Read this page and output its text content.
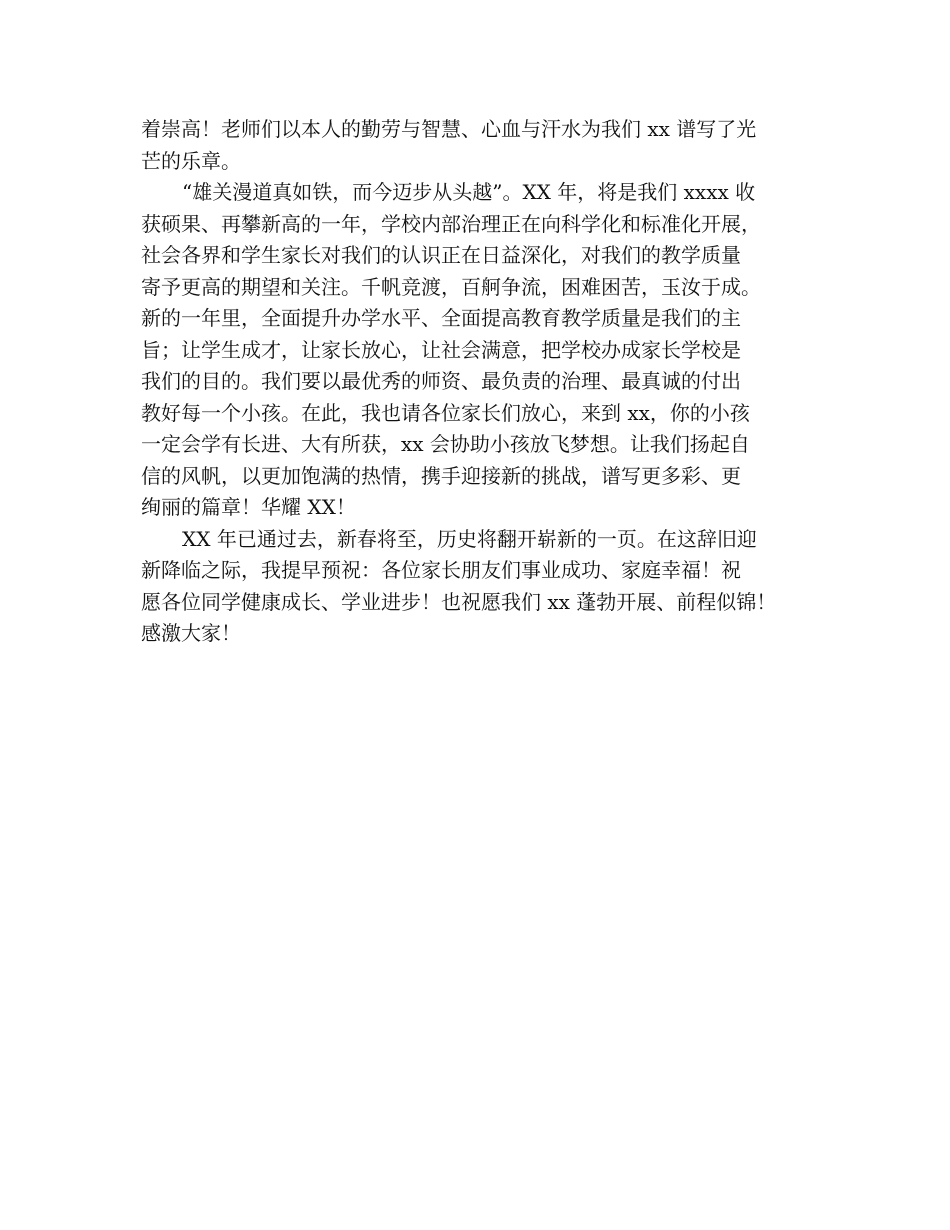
着崇高！老师们以本人的勤劳与智慧、心血与汗水为我们 xx 谱写了光

芒的乐章。

“雄关漫道真如铁，而今迈步从头越”。XX 年，将是我们 xxxx 收

获硕果、再攀新高的一年，学校内部治理正在向科学化和标准化开展，

社会各界和学生家长对我们的认识正在日益深化，对我们的教学质量

寄予更高的期望和关注。千帆竞渡，百舸争流，困难困苦，玉汝于成。

新的一年里，全面提升办学水平、全面提高教育教学质量是我们的主

旨；让学生成才，让家长放心，让社会满意，把学校办成家长学校是

我们的目的。我们要以最优秀的师资、最负责的治理、最真诚的付出

教好每一个小孩。在此，我也请各位家长们放心，来到 xx，你的小孩

一定会学有长进、大有所获，xx 会协助小孩放飞梦想。让我们扬起自

信的风帆，以更加饱满的热情，携手迎接新的挑战，谱写更多彩、更

绚丽的篇章！华耀 XX！

XX 年已通过去，新春将至，历史将翻开崭新的一页。在这辞旧迎

新降临之际，我提早预祝：各位家长朋友们事业成功、家庭幸福！祝

愿各位同学健康成长、学业进步！也祝愿我们 xx 蓬勃开展、前程似锦！

感激大家！
